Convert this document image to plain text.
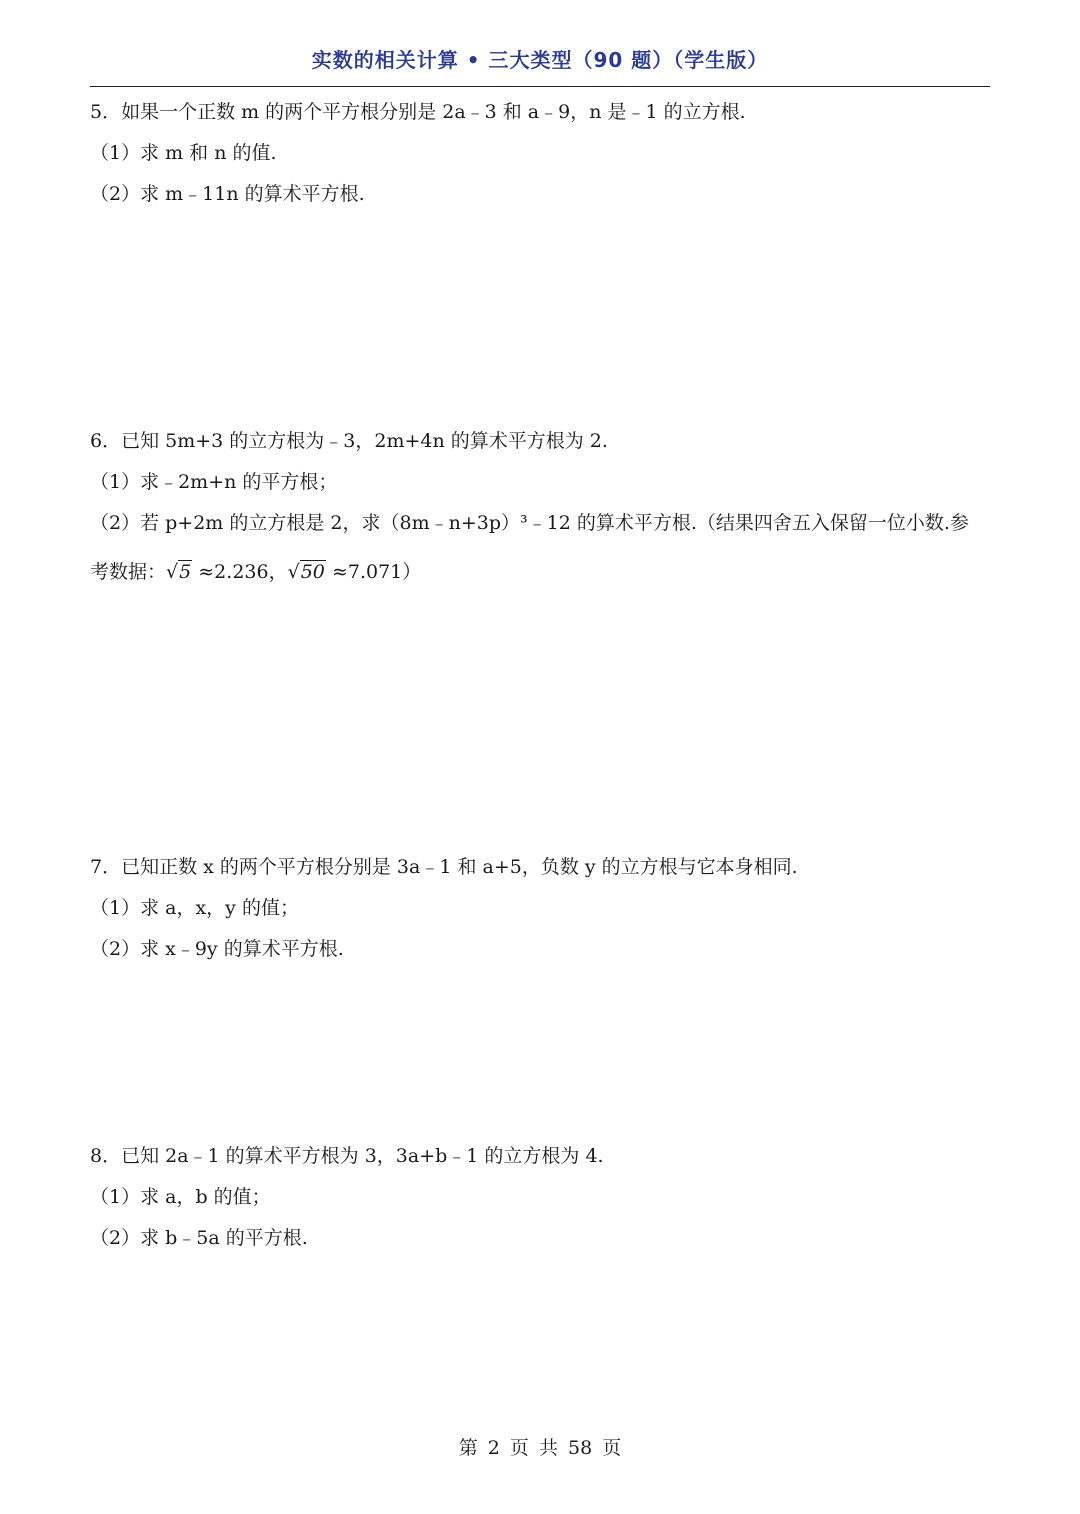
实数的相关计算 • 三大类型（90 题）（学生版）
5．如果一个正数 m 的两个平方根分别是 2a﹣3 和 a﹣9，n 是﹣1 的立方根.
（1）求 m 和 n 的值.
（2）求 m﹣11n 的算术平方根.
6．已知 5m+3 的立方根为﹣3，2m+4n 的算术平方根为 2.
（1）求﹣2m+n 的平方根；
（2）若 p+2m 的立方根是 2，求（8m﹣n+3p）³﹣12 的算术平方根.（结果四舍五入保留一位小数.参
考数据：√5 ≈2.236，√50 ≈7.071）
7．已知正数 x 的两个平方根分别是 3a﹣1 和 a+5，负数 y 的立方根与它本身相同.
（1）求 a，x，y 的值；
（2）求 x﹣9y 的算术平方根.
8．已知 2a﹣1 的算术平方根为 3，3a+b﹣1 的立方根为 4.
（1）求 a，b 的值；
（2）求 b﹣5a 的平方根.
第 2 页 共 58 页
